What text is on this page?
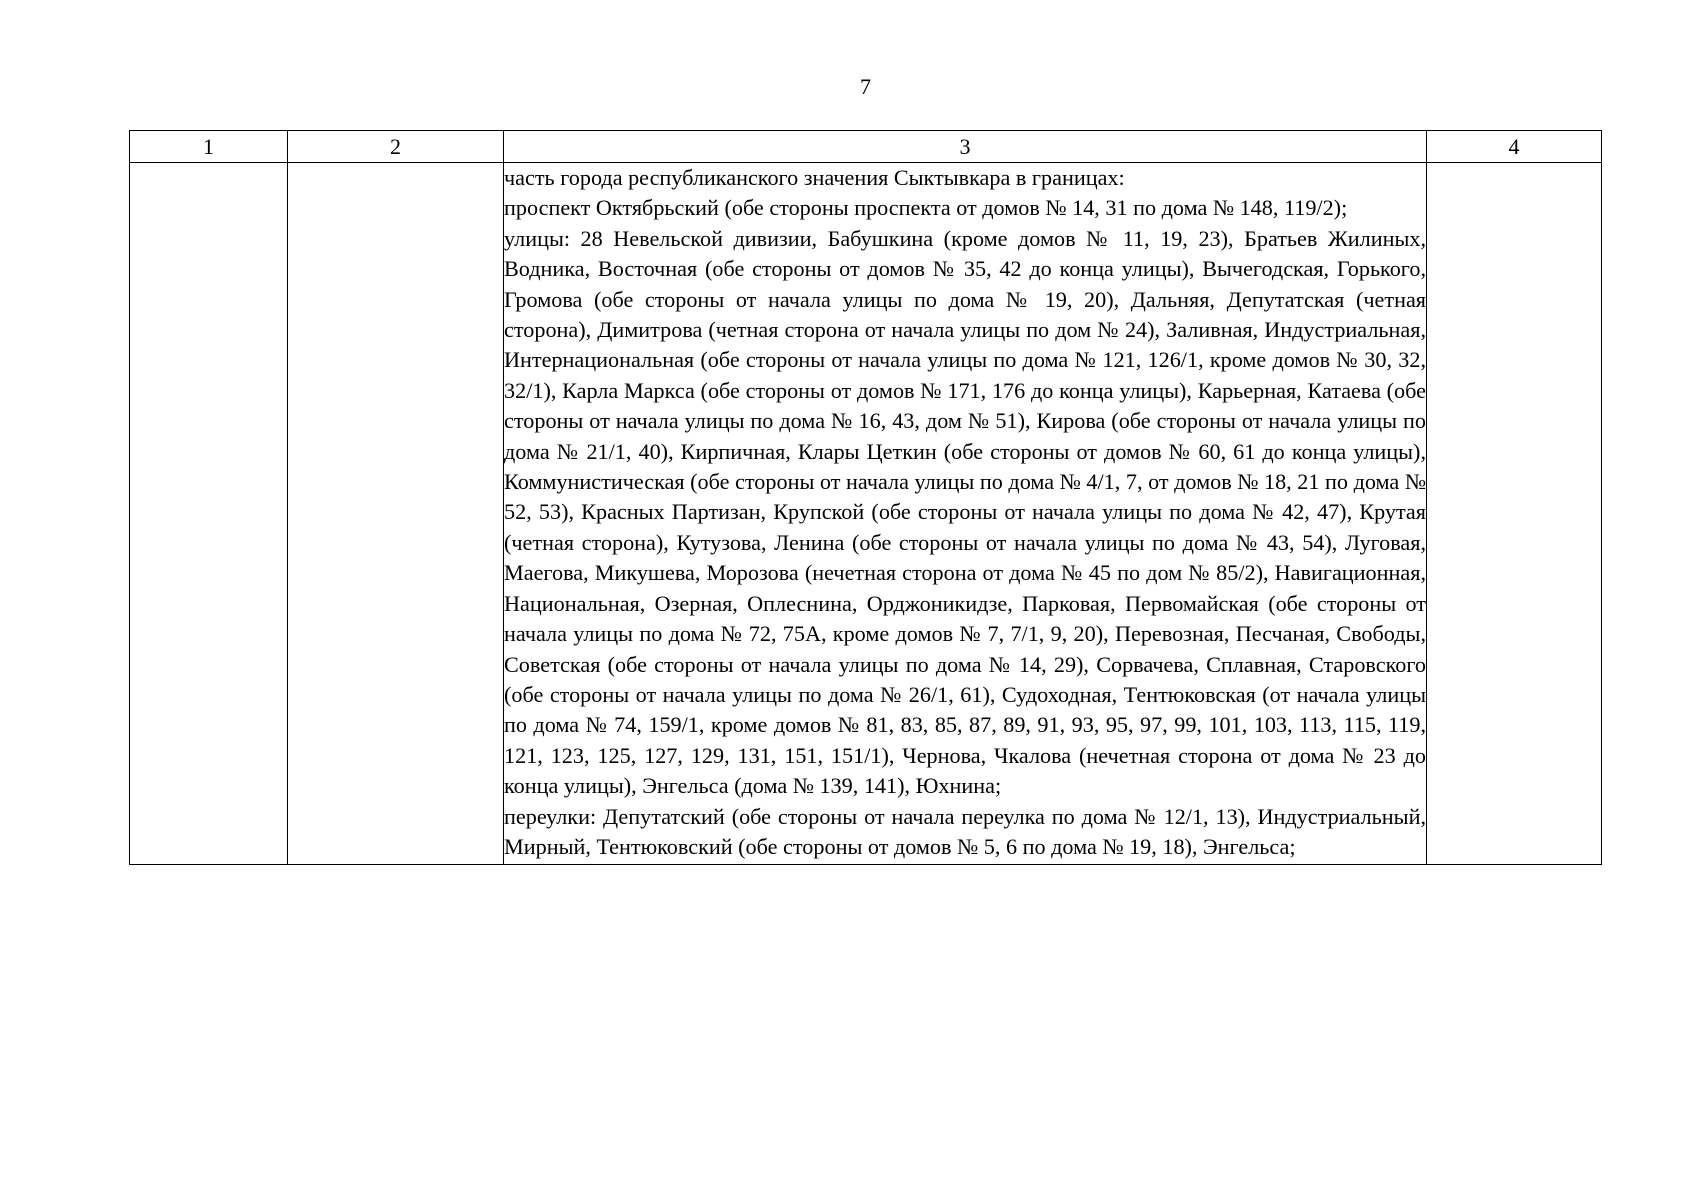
7
1	2	3	4

		часть города республиканского значения Сыктывкара в границах:

проспект Октябрьский (обе стороны проспекта от домов № 14, 31 по дома № 148, 119/2);

улицы: 28 Невельской дивизии, Бабушкина (кроме домов № 11, 19, 23), Братьев Жилиных, Водника, Восточная (обе стороны от домов № 35, 42 до конца улицы), Вычегодская, Горького, Громова (обе стороны от начала улицы по дома № 19, 20), Дальняя, Депутатская (четная сторона), Димитрова (четная сторона от начала улицы по дом № 24), Заливная, Индустриальная, Интернациональная (обе стороны от начала улицы по дома № 121, 126/1, кроме домов № 30, 32, 32/1), Карла Маркса (обе стороны от домов № 171, 176 до конца улицы), Карьерная, Катаева (обе стороны от начала улицы по дома № 16, 43, дом № 51), Кирова (обе стороны от начала улицы по дома № 21/1, 40), Кирпичная, Клары Цеткин (обе стороны от домов № 60, 61 до конца улицы), Коммунистическая (обе стороны от начала улицы по дома № 4/1, 7, от домов № 18, 21 по дома № 52, 53), Красных Партизан, Крупской (обе стороны от начала улицы по дома № 42, 47), Крутая (четная сторона), Кутузова, Ленина (обе стороны от начала улицы по дома № 43, 54), Луговая, Маегова, Микушева, Морозова (нечетная сторона от дома № 45 по дом № 85/2), Навигационная, Национальная, Озерная, Оплеснина, Орджоникидзе, Парковая, Первомайская (обе стороны от начала улицы по дома № 72, 75А, кроме домов № 7, 7/1, 9, 20), Перевозная, Песчаная, Свободы, Советская (обе стороны от начала улицы по дома № 14, 29), Сорвачева, Сплавная, Старовского (обе стороны от начала улицы по дома № 26/1, 61), Судоходная, Тентюковская (от начала улицы по дома № 74, 159/1, кроме домов № 81, 83, 85, 87, 89, 91, 93, 95, 97, 99, 101, 103, 113, 115, 119, 121, 123, 125, 127, 129, 131, 151, 151/1), Чернова, Чкалова (нечетная сторона от дома № 23 до конца улицы), Энгельса (дома № 139, 141), Юхнина;

переулки: Депутатский (обе стороны от начала переулка по дома № 12/1, 13), Индустриальный, Мирный, Тентюковский (обе стороны от домов № 5, 6 по дома № 19, 18), Энгельса;	
